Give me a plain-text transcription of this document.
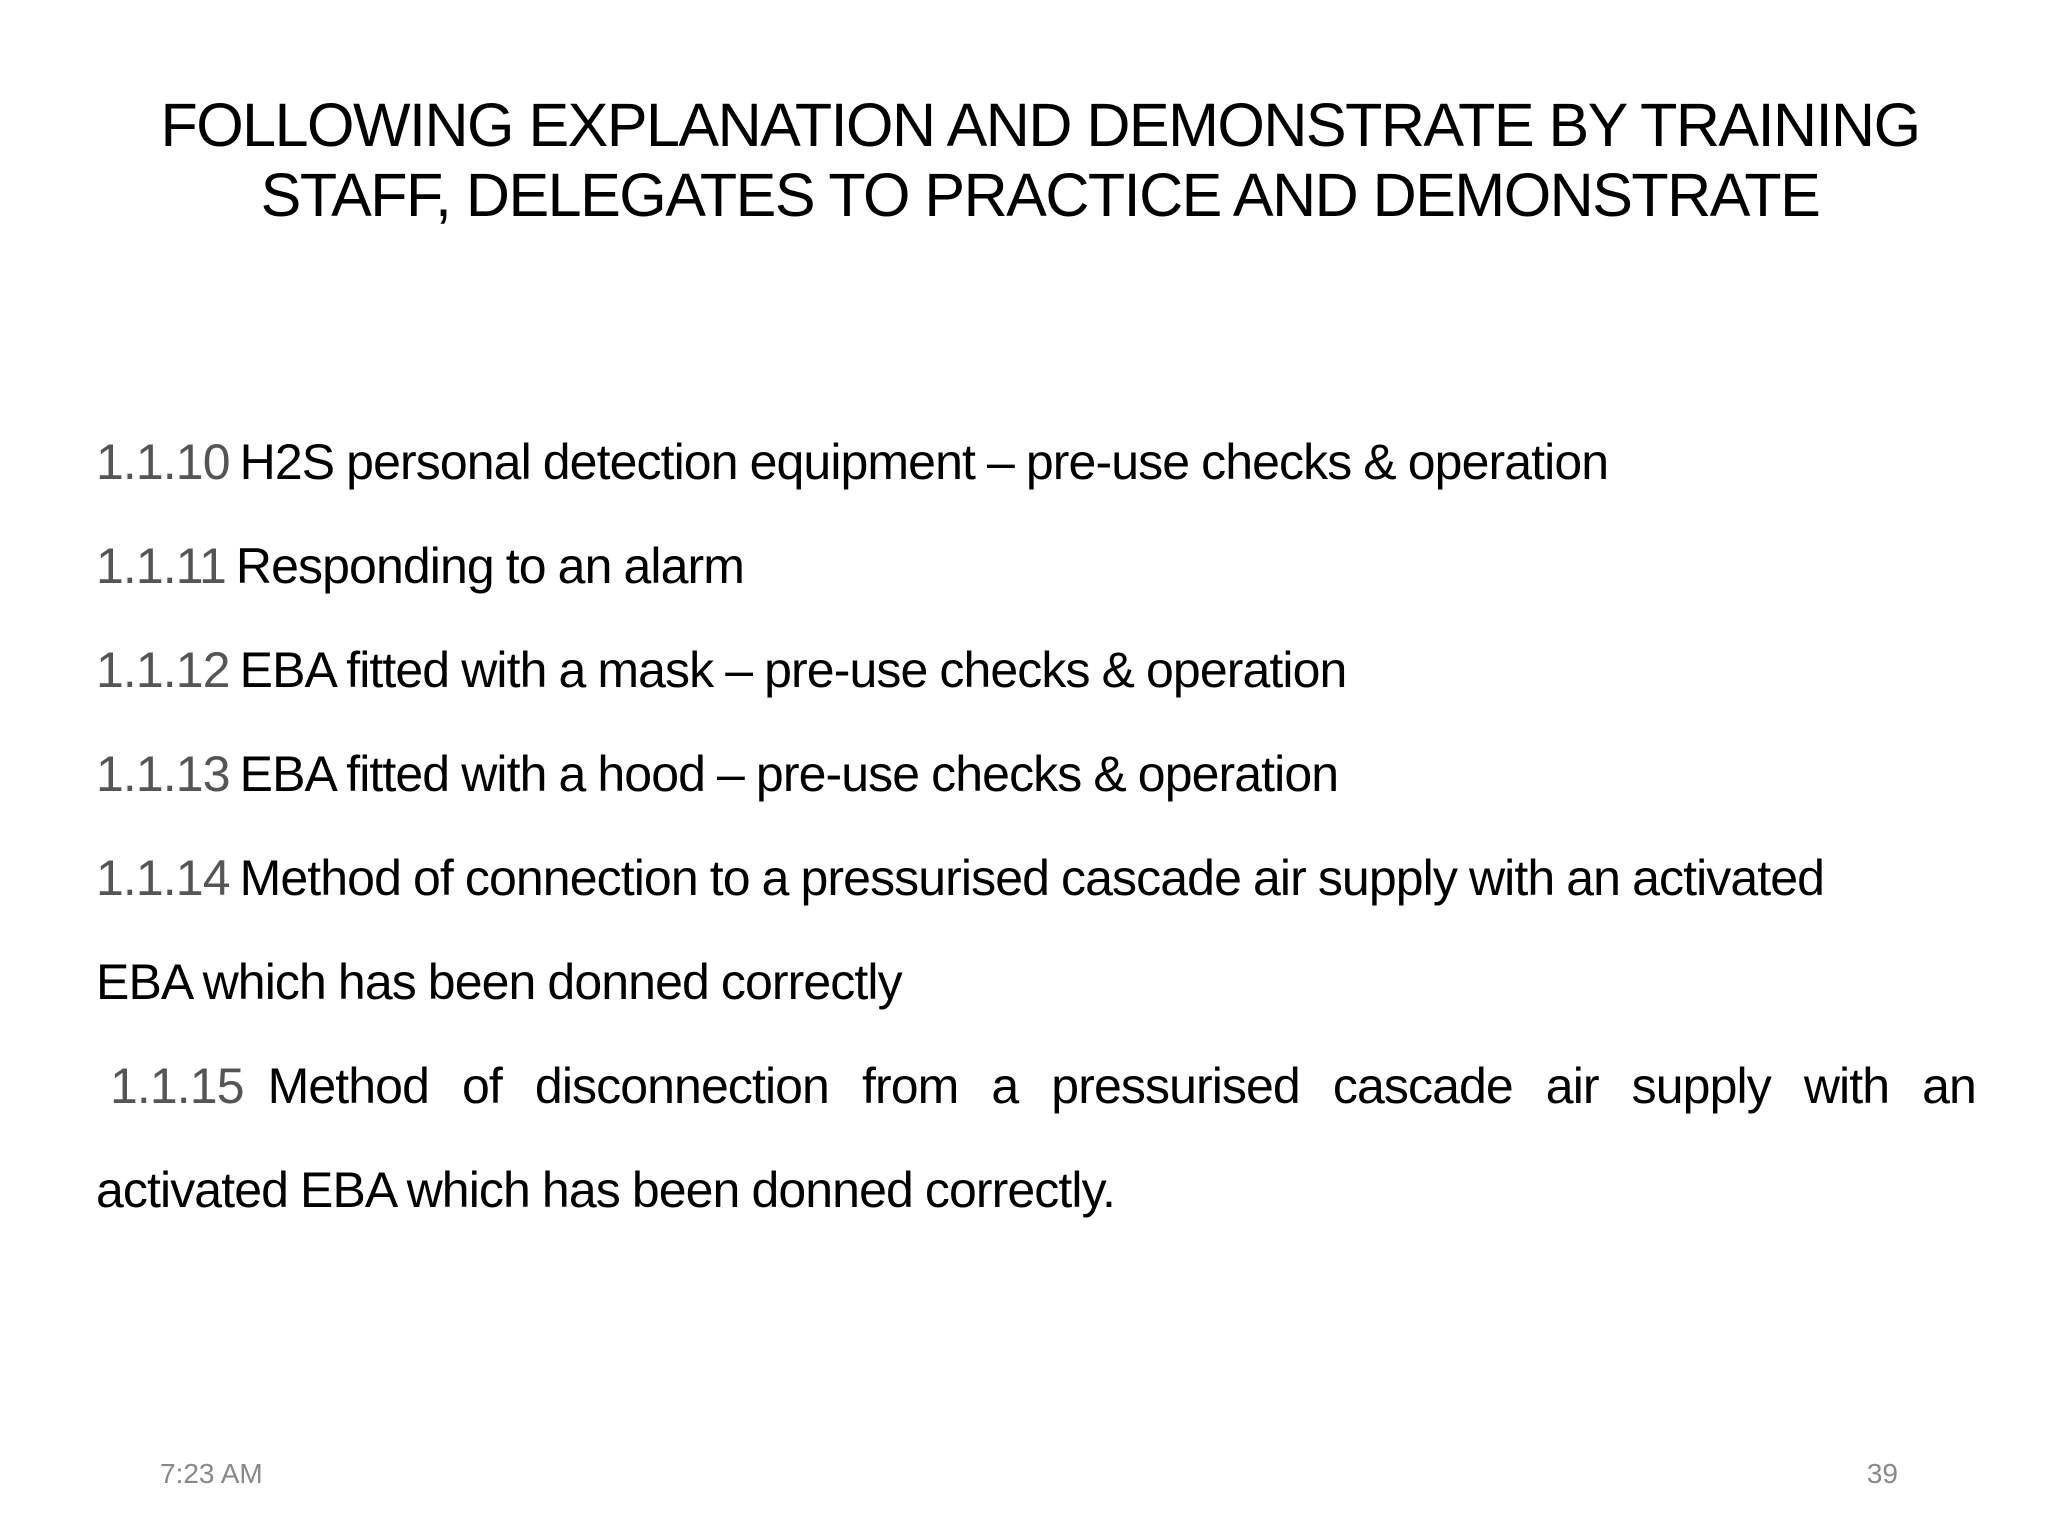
FOLLOWING EXPLANATION AND DEMONSTRATE BY TRAINING
STAFF, DELEGATES TO PRACTICE AND DEMONSTRATE
1.1.10 H2S personal detection equipment – pre-use checks & operation
1.1.11 Responding to an alarm
1.1.12 EBA fitted with a mask – pre-use checks & operation
1.1.13 EBA fitted with a hood – pre-use checks & operation
1.1.14 Method of connection to a pressurised cascade air supply with an activated
EBA which has been donned correctly
1.1.15 Method of disconnection from a pressurised cascade air supply with an
activated EBA which has been donned correctly.
7:23 AM	39
